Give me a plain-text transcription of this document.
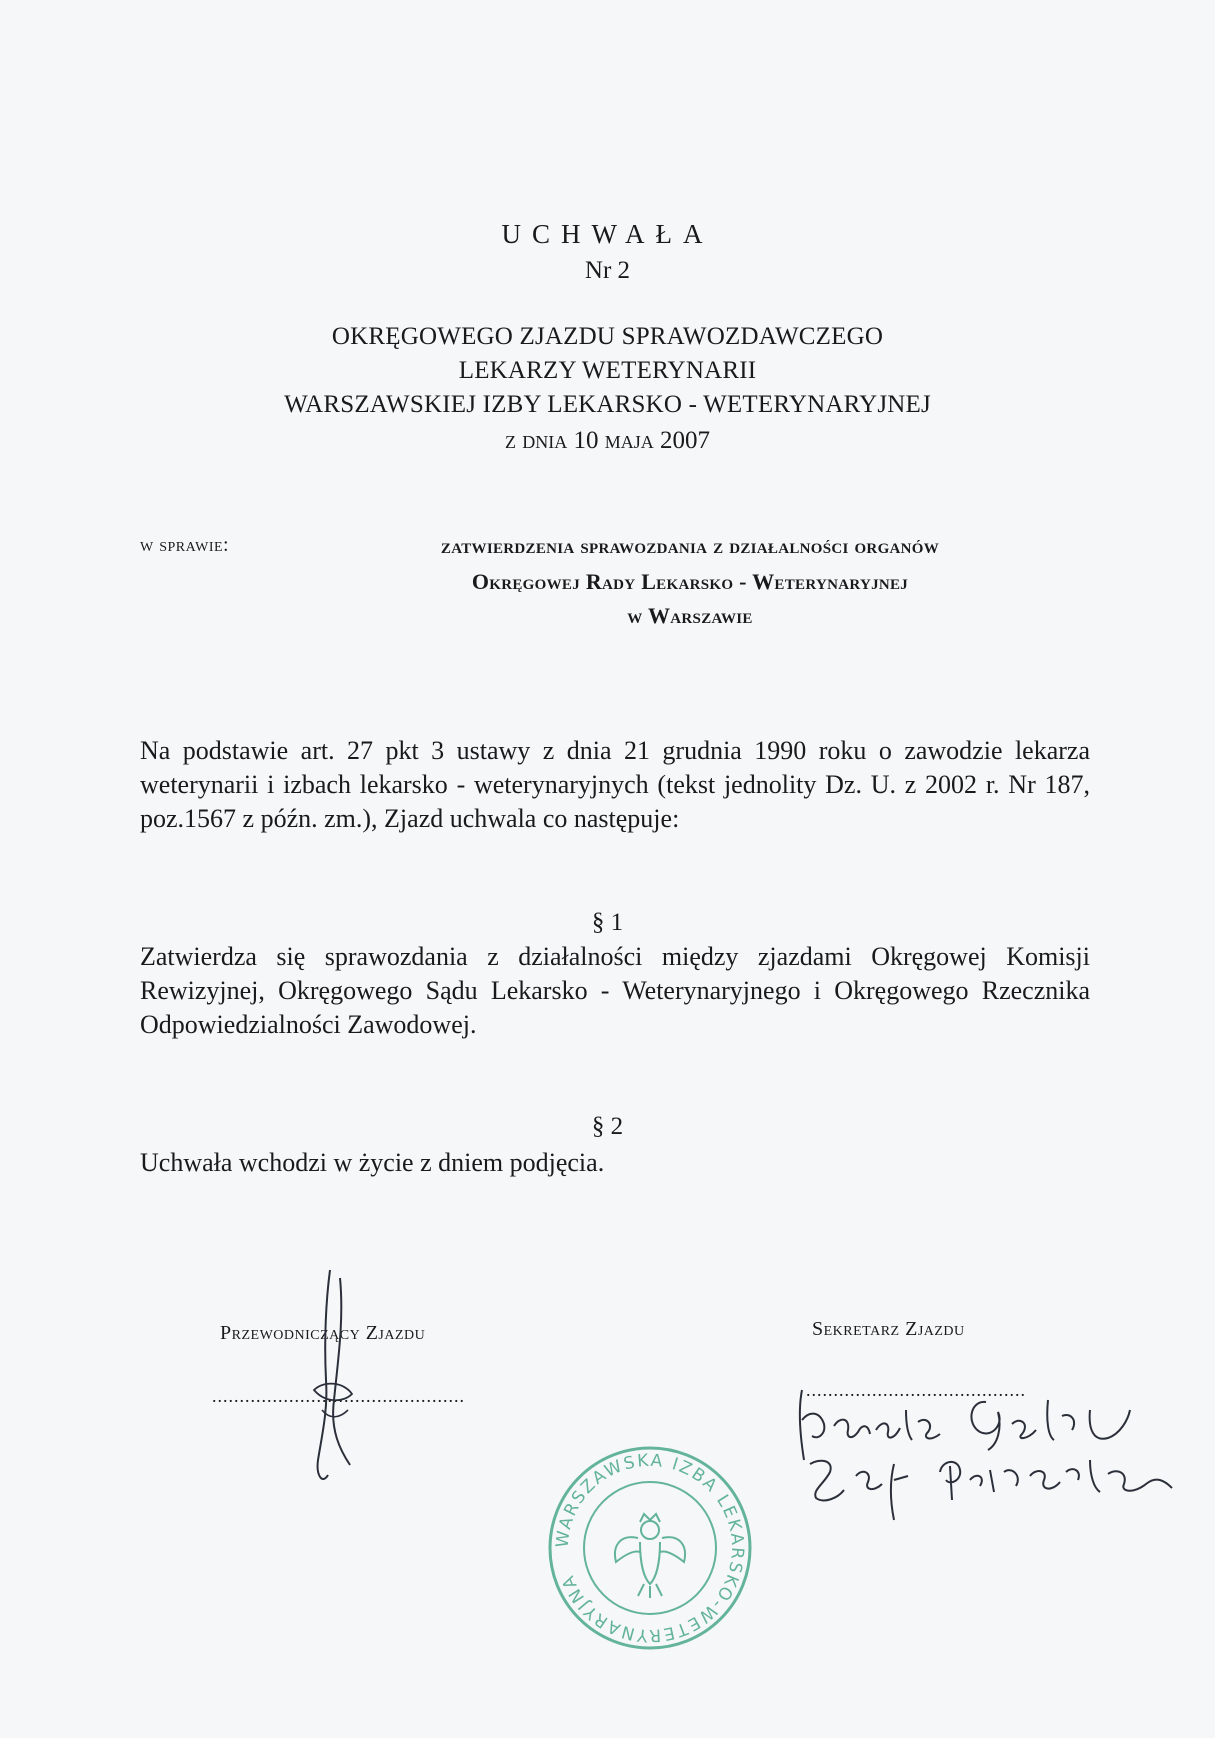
UCHWAŁA
Nr 2
OKRĘGOWEGO ZJAZDU SPRAWOZDAWCZEGO
LEKARZY WETERYNARII
WARSZAWSKIEJ IZBY LEKARSKO - WETERYNARYJNEJ
z dnia 10 maja 2007
w sprawie:	zatwierdzenia sprawozdania z działalności organów
Okręgowej Rady Lekarsko - Weterynaryjnej
w Warszawie
Na podstawie art. 27 pkt 3 ustawy z dnia 21 grudnia 1990 roku o zawodzie lekarza weterynarii i izbach lekarsko - weterynaryjnych (tekst jednolity Dz. U. z 2002 r. Nr 187, poz.1567 z późn. zm.), Zjazd uchwala co następuje:
§ 1
Zatwierdza się sprawozdania z działalności między zjazdami Okręgowej Komisji Rewizyjnej, Okręgowego Sądu Lekarsko - Weterynaryjnego i Okręgowego Rzecznika Odpowiedzialności Zawodowej.
§ 2
Uchwała wchodzi w życie z dniem podjęcia.
Przewodniczący Zjazdu
..............................................
Sekretarz Zjazdu
........................................
WARSZAWSKA IZBA LEKARSKO-WETERYNARYJNA
